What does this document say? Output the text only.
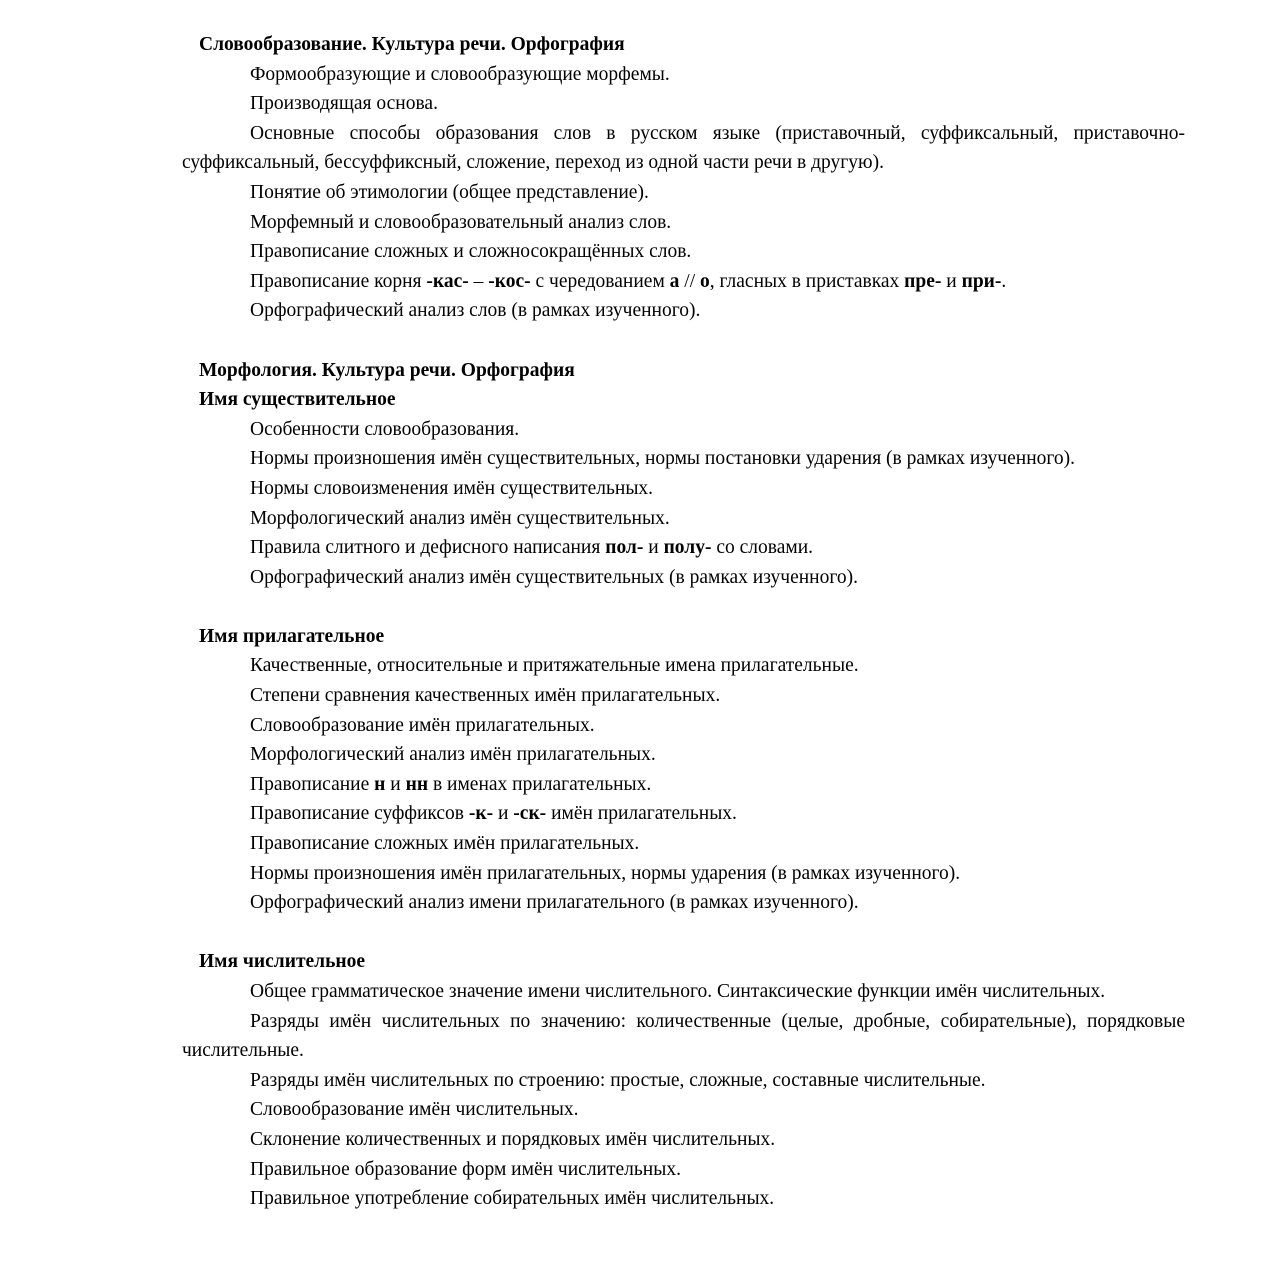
Словообразование. Культура речи. Орфография

Формообразующие и словообразующие морфемы.

Производящая основа.

Основные способы образования слов в русском языке (приставочный, суффиксальный, приставочно-суффиксальный, бессуффиксный, сложение, переход из одной части речи в другую).

Понятие об этимологии (общее представление).

Морфемный и словообразовательный анализ слов.

Правописание сложных и сложносокращённых слов.

Правописание корня -кас- – -кос- с чередованием а // о, гласных в приставках пре- и при-.

Орфографический анализ слов (в рамках изученного).

Морфология. Культура речи. Орфография

Имя существительное

Особенности словообразования.

Нормы произношения имён существительных, нормы постановки ударения (в рамках изученного).

Нормы словоизменения имён существительных.

Морфологический анализ имён существительных.

Правила слитного и дефисного написания пол- и полу- со словами.

Орфографический анализ имён существительных (в рамках изученного).

Имя прилагательное

Качественные, относительные и притяжательные имена прилагательные.

Степени сравнения качественных имён прилагательных.

Словообразование имён прилагательных.

Морфологический анализ имён прилагательных.

Правописание н и нн в именах прилагательных.

Правописание суффиксов -к- и -ск- имён прилагательных.

Правописание сложных имён прилагательных.

Нормы произношения имён прилагательных, нормы ударения (в рамках изученного).

Орфографический анализ имени прилагательного (в рамках изученного).

Имя числительное

Общее грамматическое значение имени числительного. Синтаксические функции имён числительных.

Разряды имён числительных по значению: количественные (целые, дробные, собирательные), порядковые числительные.

Разряды имён числительных по строению: простые, сложные, составные числительные.

Словообразование имён числительных.

Склонение количественных и порядковых имён числительных.

Правильное образование форм имён числительных.

Правильное употребление собирательных имён числительных.
